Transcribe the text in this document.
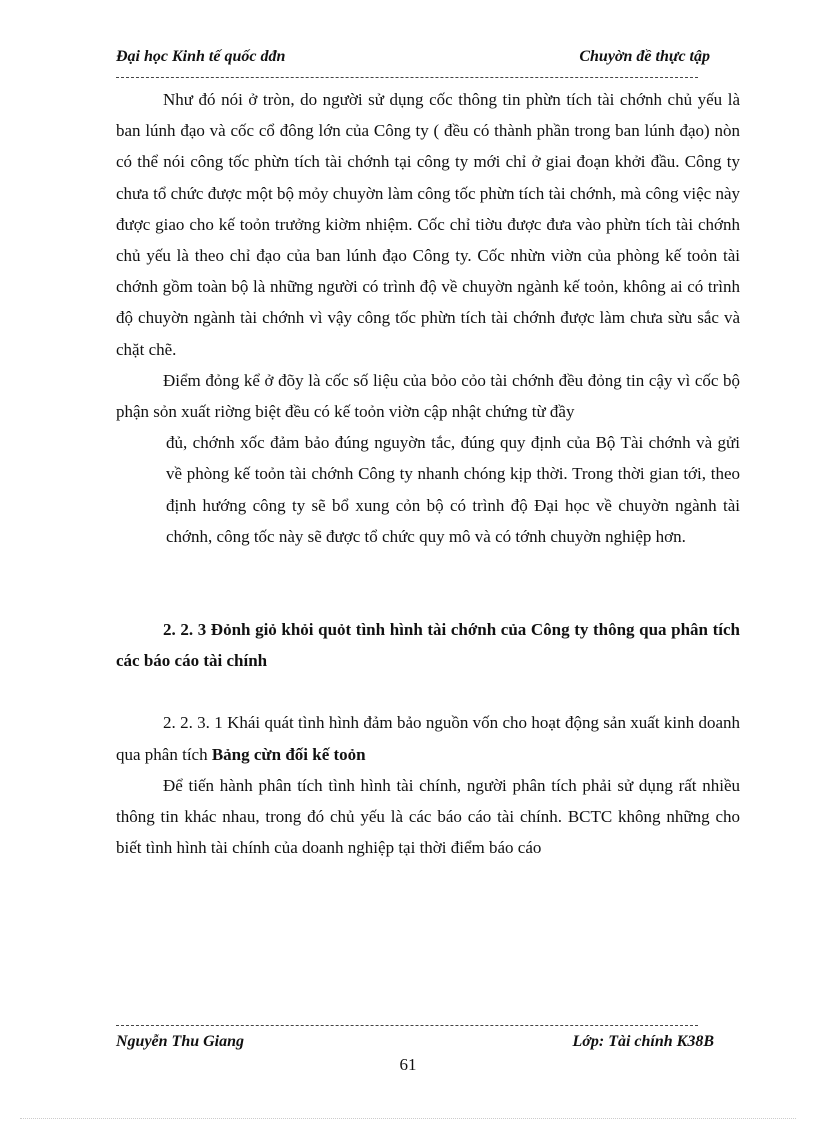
Đại học Kinh tế quốc dđn	Chuyờn đề thực tập

Như đó nói ở tròn, do người sử dụng cốc thông tin phừn tích tài chớnh chủ yếu là ban lúnh đạo và cốc cổ đông lớn của Công ty ( đều có thành phần trong ban lúnh đạo) nòn có thể nói công tốc phừn tích tài chớnh tại công ty mới chỉ ở giai đoạn khởi đầu. Công ty chưa tổ chức được một bộ mỏy chuyờn làm công tốc phừn tích tài chớnh, mà công việc này được giao cho kế toỏn trưởng kiờm nhiệm. Cốc chỉ tiờu được đưa vào phừn tích tài chớnh chủ yếu là theo chỉ đạo của ban lúnh đạo Công ty. Cốc nhừn viờn của phòng kế toỏn tài chớnh gồm toàn bộ là những người có trình độ về chuyờn ngành kế toỏn, không ai có trình độ chuyờn ngành tài chớnh vì vậy công tốc phừn tích tài chớnh được làm chưa sừu sắc và chặt chẽ.

Điểm đỏng kể ở đõy là cốc số liệu của bỏo cỏo tài chớnh đều đỏng tin cậy vì cốc bộ phận sỏn xuất riờng biệt đều có kế toỏn viờn cập nhật chứng từ đầy

đủ, chớnh xốc đảm bảo đúng nguyờn tắc, đúng quy định của Bộ Tài chớnh và gửi về phòng kế toỏn tài chớnh Công ty nhanh chóng kịp thời. Trong thời gian tới, theo định hướng công ty sẽ bổ xung cỏn bộ có trình độ Đại học về chuyờn ngành tài chớnh, công tốc này sẽ được tổ chức quy mô và có tớnh chuyờn nghiệp hơn.

2. 2. 3 Đỏnh giỏ khỏi quỏt tình hình tài chớnh của Công ty thông qua phân tích các báo cáo tài chính

2. 2. 3. 1 Khái quát tình hình đảm bảo nguồn vốn cho hoạt động sản xuất kinh doanh qua phân tích Bảng cừn đối kế toỏn

Để tiến hành phân tích tình hình tài chính, người phân tích phải sử dụng rất nhiều thông tin khác nhau, trong đó chủ yếu là các báo cáo tài chính. BCTC không những cho biết tình hình tài chính của doanh nghiệp tại thời điểm báo cáo

Nguyễn Thu Giang	Lớp: Tài chính K38B
61
